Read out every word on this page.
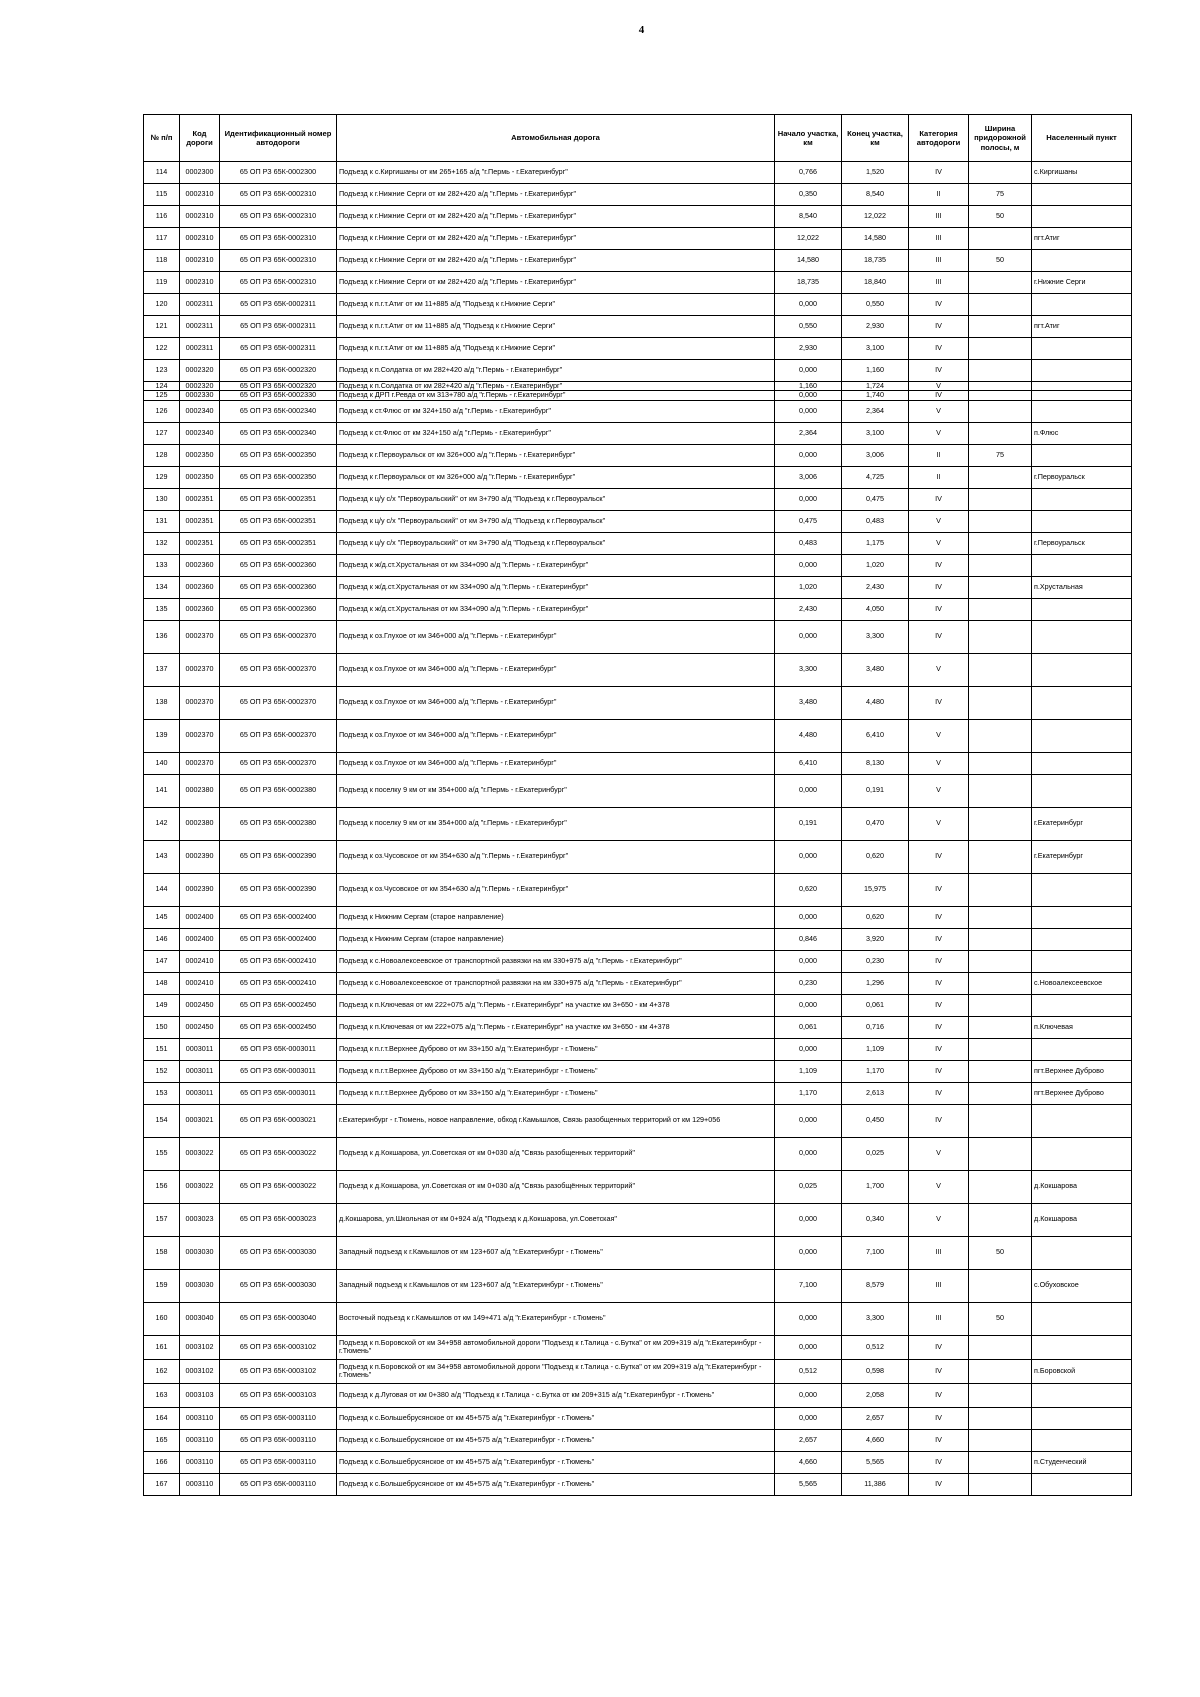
4
№ п/п	Код дороги	Идентификационный номер автодороги	Автомобильная дорога	Начало участка, км	Конец участка, км	Категория автодороги	Ширина придорожной полосы, м	Населенный пункт
114	0002300	65 ОП РЗ 65К-0002300	Подъезд к с.Киргишаны от км 265+165 а/д "г.Пермь - г.Екатеринбург"	0,766	1,520	IV		с.Киргишаны
115	0002310	65 ОП РЗ 65К-0002310	Подъезд к г.Нижние Серги от км 282+420 а/д "г.Пермь - г.Екатеринбург"	0,350	8,540	II	75	
116	0002310	65 ОП РЗ 65К-0002310	Подъезд к г.Нижние Серги от км 282+420 а/д "г.Пермь - г.Екатеринбург"	8,540	12,022	III	50	
117	0002310	65 ОП РЗ 65К-0002310	Подъезд к г.Нижние Серги от км 282+420 а/д "г.Пермь - г.Екатеринбург"	12,022	14,580	III		пгт.Атиг
118	0002310	65 ОП РЗ 65К-0002310	Подъезд к г.Нижние Серги от км 282+420 а/д "г.Пермь - г.Екатеринбург"	14,580	18,735	III	50	
119	0002310	65 ОП РЗ 65К-0002310	Подъезд к г.Нижние Серги от км 282+420 а/д "г.Пермь - г.Екатеринбург"	18,735	18,840	III		г.Нижние Серги
120	0002311	65 ОП РЗ 65К-0002311	Подъезд к п.г.т.Атиг от км 11+885 а/д "Подъезд к г.Нижние Серги"	0,000	0,550	IV		
121	0002311	65 ОП РЗ 65К-0002311	Подъезд к п.г.т.Атиг от км 11+885 а/д "Подъезд к г.Нижние Серги"	0,550	2,930	IV		пгт.Атиг
122	0002311	65 ОП РЗ 65К-0002311	Подъезд к п.г.т.Атиг от км 11+885 а/д "Подъезд к г.Нижние Серги"	2,930	3,100	IV		
123	0002320	65 ОП РЗ 65К-0002320	Подъезд к п.Солдатка от км 282+420 а/д "г.Пермь - г.Екатеринбург"	0,000	1,160	IV		
124	0002320	65 ОП РЗ 65К-0002320	Подъезд к п.Солдатка от км 282+420 а/д "г.Пермь - г.Екатеринбург"	1,160	1,724	V		
125	0002330	65 ОП РЗ 65К-0002330	Подъезд к ДРП г.Ревда от км 313+780 а/д "г.Пермь - г.Екатеринбург"	0,000	1,740	IV		
126	0002340	65 ОП РЗ 65К-0002340	Подъезд к ст.Флюс от км 324+150 а/д "г.Пермь - г.Екатеринбург"	0,000	2,364	V		
127	0002340	65 ОП РЗ 65К-0002340	Подъезд к ст.Флюс от км 324+150 а/д "г.Пермь - г.Екатеринбург"	2,364	3,100	V		п.Флюс
128	0002350	65 ОП РЗ 65К-0002350	Подъезд к г.Первоуральск от км 326+000 а/д "г.Пермь - г.Екатеринбург"	0,000	3,006	II	75	
129	0002350	65 ОП РЗ 65К-0002350	Подъезд к г.Первоуральск от км 326+000 а/д "г.Пермь - г.Екатеринбург"	3,006	4,725	II		г.Первоуральск
130	0002351	65 ОП РЗ 65К-0002351	Подъезд к ц/у с/х "Первоуральский" от км 3+790 а/д "Подъезд к г.Первоуральск"	0,000	0,475	IV		
131	0002351	65 ОП РЗ 65К-0002351	Подъезд к ц/у с/х "Первоуральский" от км 3+790 а/д "Подъезд к г.Первоуральск"	0,475	0,483	V		
132	0002351	65 ОП РЗ 65К-0002351	Подъезд к ц/у с/х "Первоуральский" от км 3+790 а/д "Подъезд к г.Первоуральск"	0,483	1,175	V		г.Первоуральск
133	0002360	65 ОП РЗ 65К-0002360	Подъезд к ж/д.ст.Хрустальная от км 334+090 а/д "г.Пермь - г.Екатеринбург"	0,000	1,020	IV		
134	0002360	65 ОП РЗ 65К-0002360	Подъезд к ж/д.ст.Хрустальная от км 334+090 а/д "г.Пермь - г.Екатеринбург"	1,020	2,430	IV		п.Хрустальная
135	0002360	65 ОП РЗ 65К-0002360	Подъезд к ж/д.ст.Хрустальная от км 334+090 а/д "г.Пермь - г.Екатеринбург"	2,430	4,050	IV		
136	0002370	65 ОП РЗ 65К-0002370	Подъезд к оз.Глухое от км 346+000 а/д "г.Пермь - г.Екатеринбург"	0,000	3,300	IV		
137	0002370	65 ОП РЗ 65К-0002370	Подъезд к оз.Глухое от км 346+000 а/д "г.Пермь - г.Екатеринбург"	3,300	3,480	V		
138	0002370	65 ОП РЗ 65К-0002370	Подъезд к оз.Глухое от км 346+000 а/д "г.Пермь - г.Екатеринбург"	3,480	4,480	IV		
139	0002370	65 ОП РЗ 65К-0002370	Подъезд к оз.Глухое от км 346+000 а/д "г.Пермь - г.Екатеринбург"	4,480	6,410	V		
140	0002370	65 ОП РЗ 65К-0002370	Подъезд к оз.Глухое от км 346+000 а/д "г.Пермь - г.Екатеринбург"	6,410	8,130	V		
141	0002380	65 ОП РЗ 65К-0002380	Подъезд к поселку 9 км от км 354+000 а/д "г.Пермь - г.Екатеринбург"	0,000	0,191	V		
142	0002380	65 ОП РЗ 65К-0002380	Подъезд к поселку 9 км от км 354+000 а/д "г.Пермь - г.Екатеринбург"	0,191	0,470	V		г.Екатеринбург
143	0002390	65 ОП РЗ 65К-0002390	Подъезд к оз.Чусовское от км 354+630 а/д "г.Пермь - г.Екатеринбург"	0,000	0,620	IV		г.Екатеринбург
144	0002390	65 ОП РЗ 65К-0002390	Подъезд к оз.Чусовское от км 354+630 а/д "г.Пермь - г.Екатеринбург"	0,620	15,975	IV		
145	0002400	65 ОП РЗ 65К-0002400	Подъезд к Нижним Сергам (старое направление)	0,000	0,620	IV		
146	0002400	65 ОП РЗ 65К-0002400	Подъезд к Нижним Сергам (старое направление)	0,846	3,920	IV		
147	0002410	65 ОП РЗ 65К-0002410	Подъезд к с.Новоалексеевское от транспортной развязки на км 330+975 а/д "г.Пермь - г.Екатеринбург"	0,000	0,230	IV		
148	0002410	65 ОП РЗ 65К-0002410	Подъезд к с.Новоалексеевское от транспортной развязки на км 330+975 а/д "г.Пермь - г.Екатеринбург"	0,230	1,296	IV		с.Новоалексеевское
149	0002450	65 ОП РЗ 65К-0002450	Подъезд к п.Ключевая от км 222+075 а/д "г.Пермь - г.Екатеринбург" на участке км 3+650 - км 4+378	0,000	0,061	IV		
150	0002450	65 ОП РЗ 65К-0002450	Подъезд к п.Ключевая от км 222+075 а/д "г.Пермь - г.Екатеринбург" на участке км 3+650 - км 4+378	0,061	0,716	IV		п.Ключевая
151	0003011	65 ОП РЗ 65К-0003011	Подъезд к п.г.т.Верхнее Дуброво от км 33+150 а/д "г.Екатеринбург - г.Тюмень"	0,000	1,109	IV		
152	0003011	65 ОП РЗ 65К-0003011	Подъезд к п.г.т.Верхнее Дуброво от км 33+150 а/д "г.Екатеринбург - г.Тюмень"	1,109	1,170	IV		пгт.Верхнее Дуброво
153	0003011	65 ОП РЗ 65К-0003011	Подъезд к п.г.т.Верхнее Дуброво от км 33+150 а/д "г.Екатеринбург - г.Тюмень"	1,170	2,613	IV		пгт.Верхнее Дуброво
154	0003021	65 ОП РЗ 65К-0003021	г.Екатеринбург - г.Тюмень, новое направление, обход г.Камышлов, Связь разобщенных территорий от км 129+056	0,000	0,450	IV		
155	0003022	65 ОП РЗ 65К-0003022	Подъезд к д.Кокшарова, ул.Советская от км 0+030 а/д "Связь разобщенных территорий"	0,000	0,025	V		
156	0003022	65 ОП РЗ 65К-0003022	Подъезд к д.Кокшарова, ул.Советская от км 0+030 а/д "Связь разобщённых территорий"	0,025	1,700	V		д.Кокшарова
157	0003023	65 ОП РЗ 65К-0003023	д.Кокшарова, ул.Школьная от км 0+924 а/д "Подъезд к д.Кокшарова, ул.Советская"	0,000	0,340	V		д.Кокшарова
158	0003030	65 ОП РЗ 65К-0003030	Западный подъезд к г.Камышлов от км 123+607 а/д "г.Екатеринбург - г.Тюмень"	0,000	7,100	III	50	
159	0003030	65 ОП РЗ 65К-0003030	Западный подъезд к г.Камышлов от км 123+607 а/д "г.Екатеринбург - г.Тюмень"	7,100	8,579	III		с.Обуховское
160	0003040	65 ОП РЗ 65К-0003040	Восточный подъезд к г.Камышлов от км 149+471 а/д "г.Екатеринбург - г.Тюмень"	0,000	3,300	III	50	
161	0003102	65 ОП РЗ 65К-0003102	Подъезд к п.Боровской от км 34+958 автомобильной дороги "Подъезд к г.Талица - с.Бутка" от км 209+319 а/д "г.Екатеринбург - г.Тюмень"	0,000	0,512	IV		
162	0003102	65 ОП РЗ 65К-0003102	Подъезд к п.Боровской от км 34+958 автомобильной дороги "Подъезд к г.Талица - с.Бутка" от км 209+319 а/д "г.Екатеринбург - г.Тюмень"	0,512	0,598	IV		п.Боровской
163	0003103	65 ОП РЗ 65К-0003103	Подъезд к д.Луговая от км 0+380 а/д "Подъезд к г.Талица - с.Бутка от км 209+315 а/д "г.Екатеринбург - г.Тюмень"	0,000	2,058	IV		
164	0003110	65 ОП РЗ 65К-0003110	Подъезд к с.Большебрусянское от км 45+575 а/д "г.Екатеринбург - г.Тюмень"	0,000	2,657	IV		
165	0003110	65 ОП РЗ 65К-0003110	Подъезд к с.Большебрусянское от км 45+575 а/д "г.Екатеринбург - г.Тюмень"	2,657	4,660	IV		
166	0003110	65 ОП РЗ 65К-0003110	Подъезд к с.Большебрусянское от км 45+575 а/д "г.Екатеринбург - г.Тюмень"	4,660	5,565	IV		п.Студенческий
167	0003110	65 ОП РЗ 65К-0003110	Подъезд к с.Большебрусянское от км 45+575 а/д "г.Екатеринбург - г.Тюмень"	5,565	11,386	IV		
